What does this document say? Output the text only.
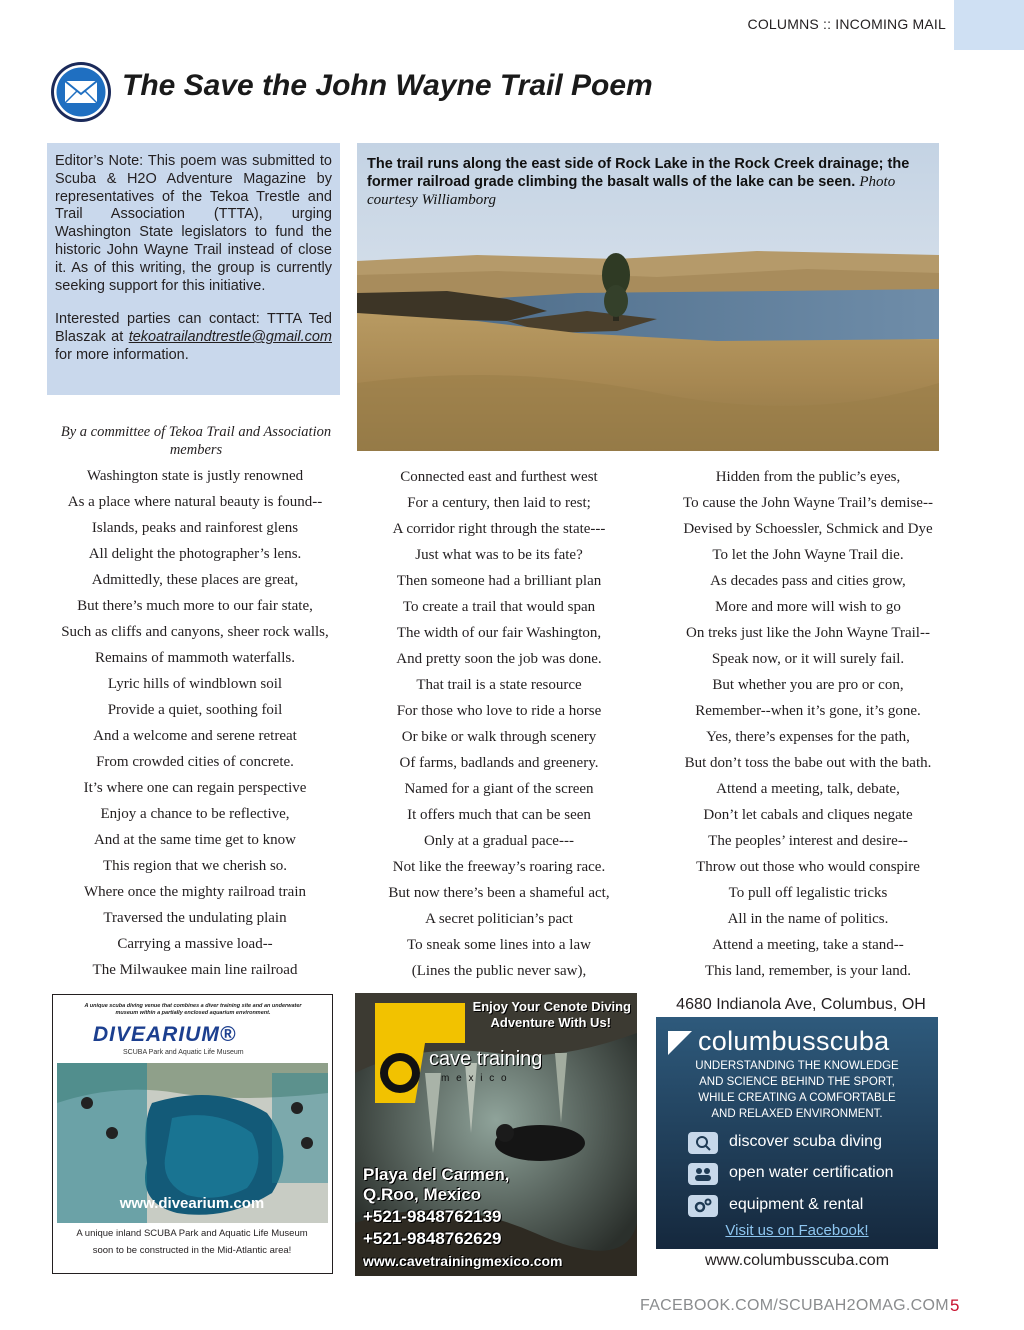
COLUMNS :: INCOMING MAIL
The Save the John Wayne Trail Poem

Editor’s Note: This poem was submitted to Scuba & H2O Adventure Magazine by representatives of the Tekoa Trestle and Trail Association (TTTA), urging Washington State legislators to fund the historic John Wayne Trail instead of close it. As of this writing, the group is currently seeking support for this initiative.

Interested parties can contact: TTTA Ted Blaszak at tekoatrailandtrestle@gmail.com for more information.

The trail runs along the east side of Rock Lake in the Rock Creek drainage; the former railroad grade climbing the basalt walls of the lake can be seen. Photo courtesy Williamborg
By a committee of Tekoa Trail and Association members
Washington state is justly renowned
As a place where natural beauty is found--
Islands, peaks and rainforest glens
All delight the photographer’s lens.
Admittedly, these places are great,
But there’s much more to our fair state,
Such as cliffs and canyons, sheer rock walls,
Remains of mammoth waterfalls.
Lyric hills of windblown soil
Provide a quiet, soothing foil
And a welcome and serene retreat
From crowded cities of concrete.
It’s where one can regain perspective
Enjoy a chance to be reflective,
And at the same time get to know
This region that we cherish so.
Where once the mighty railroad train
Traversed the undulating plain
Carrying a massive load--
The Milwaukee main line railroad
Connected east and furthest west
For a century, then laid to rest;
A corridor right through the state---
Just what was to be its fate?
Then someone had a brilliant plan
To create a trail that would span
The width of our fair Washington,
And pretty soon the job was done.
That trail is a state resource
For those who love to ride a horse
Or bike or walk through scenery
Of farms, badlands and greenery.
Named for a giant of the screen
It offers much that can be seen
Only at a gradual pace---
Not like the freeway’s roaring race.
But now there’s been a shameful act,
A secret politician’s pact
To sneak some lines into a law
(Lines the public never saw),
Hidden from the public’s eyes,
To cause the John Wayne Trail’s demise--
Devised by Schoessler, Schmick and Dye
To let the John Wayne Trail die.
As decades pass and cities grow,
More and more will wish to go
On treks just like the John Wayne Trail--
Speak now, or it will surely fail.
But whether you are pro or con,
Remember--when it’s gone, it’s gone.
Yes, there’s expenses for the path,
But don’t toss the babe out with the bath.
Attend a meeting, talk, debate,
Don’t let cabals and cliques negate
The peoples’ interest and desire--
Throw out those who would conspire
To pull off legalistic tricks
All in the name of politics.
Attend a meeting, take a stand--
This land, remember, is your land.
A unique scuba diving venue that combines a diver training site and an underwater museum within a partially enclosed aquarium environment.
DIVEARIUM®
SCUBA Park and Aquatic Life Museum
www.divearium.com
A unique inland SCUBA Park and Aquatic Life Museum
soon to be constructed in the Mid-Atlantic area!
Enjoy Your Cenote Diving
Adventure With Us!
cave training
m e x i c o
Playa del Carmen,
Q.Roo, Mexico
+521-9848762139
+521-9848762629
www.cavetrainingmexico.com
4680 Indianola Ave, Columbus, OH
columbusscuba
UNDERSTANDING THE KNOWLEDGE
AND SCIENCE BEHIND THE SPORT,
WHILE CREATING A COMFORTABLE
AND RELAXED ENVIRONMENT.
discover scuba diving
open water certification
equipment & rental
Visit us on Facebook!
www.columbusscuba.com
FACEBOOK.COM/SCUBAH2OMAG.COM 5
